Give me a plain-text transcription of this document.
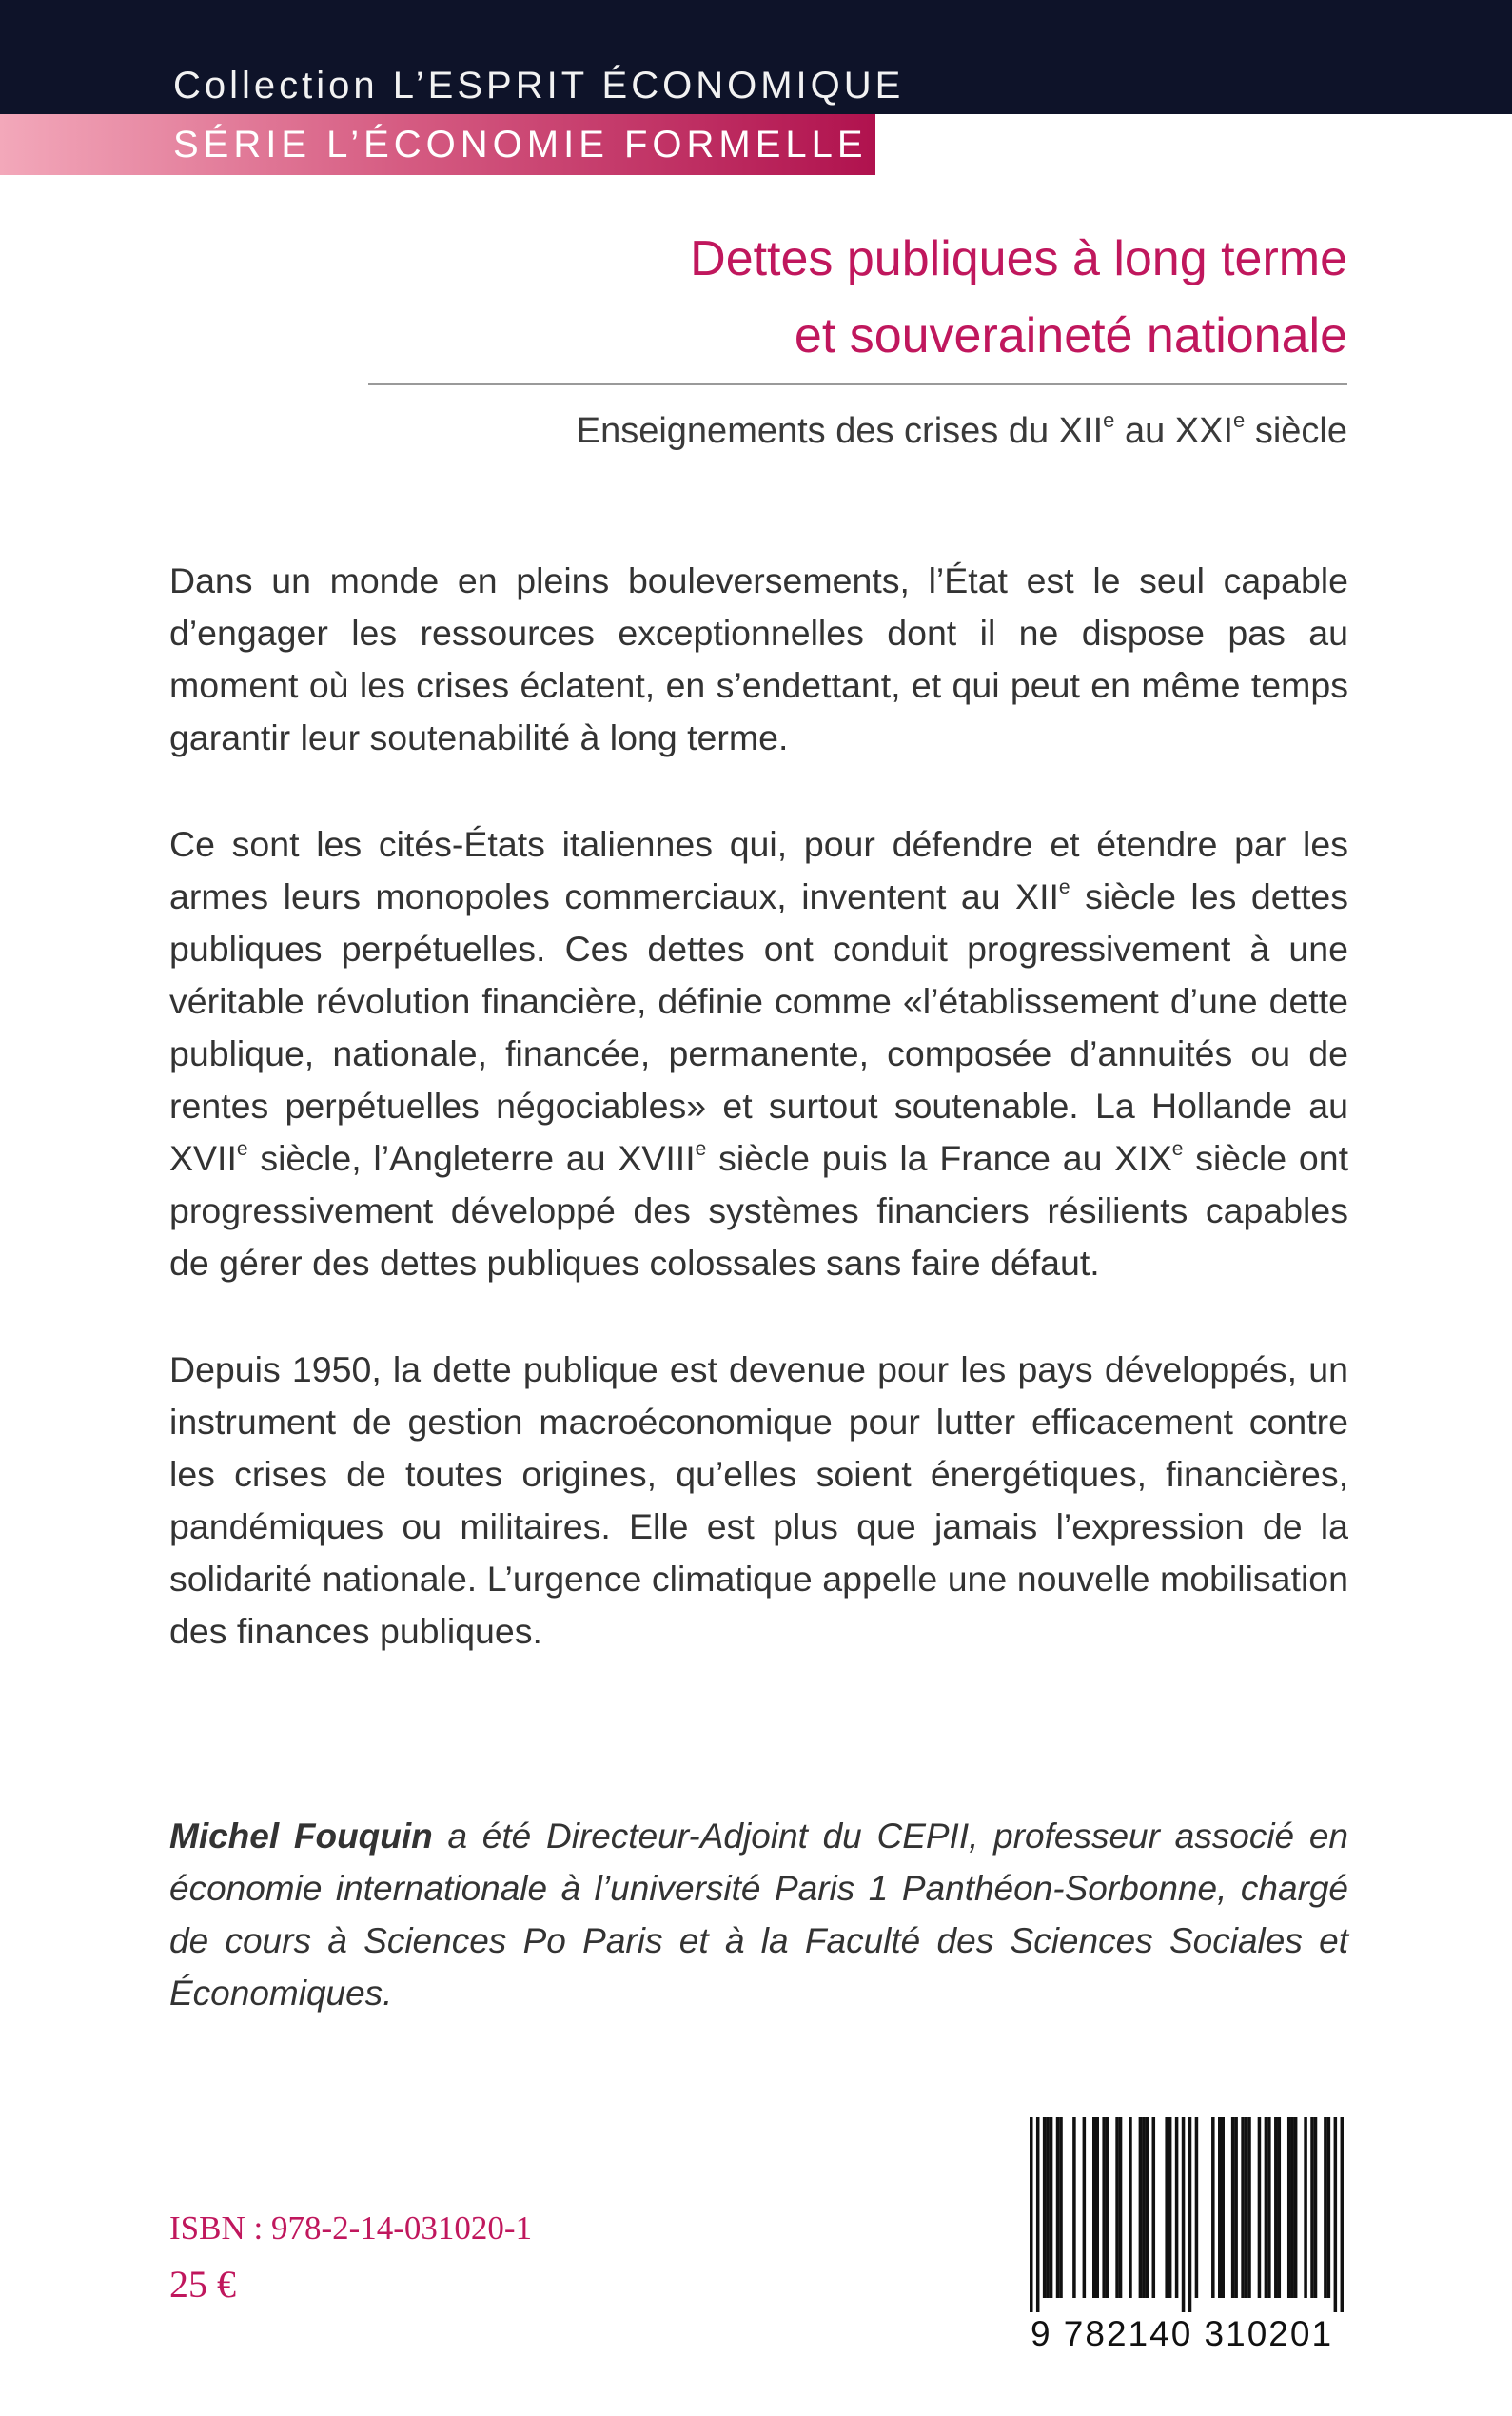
Collection L’ESPRIT ÉCONOMIQUE
SÉRIE L’ÉCONOMIE FORMELLE
Dettes publiques à long terme
et souveraineté nationale
Enseignements des crises du XIIe au XXIe siècle

Dans un monde en pleins bouleversements, l’État est le seul capable d’engager les ressources exceptionnelles dont il ne dispose pas au moment où les crises éclatent, en s’endettant, et qui peut en même temps garantir leur soutenabilité à long terme.

Ce sont les cités-États italiennes qui, pour défendre et étendre par les armes leurs monopoles commerciaux, inventent au XIIe siècle les dettes publiques perpétuelles. Ces dettes ont conduit progressivement à une véritable révolution financière, définie comme «l’établissement d’une dette publique, nationale, financée, permanente, composée d’annuités ou de rentes perpétuelles négociables» et surtout soutenable. La Hollande au XVIIe siècle, l’Angleterre au XVIIIe siècle puis la France au XIXe siècle ont progressivement développé des systèmes financiers résilients capables de gérer des dettes publiques colossales sans faire défaut.

Depuis 1950, la dette publique est devenue pour les pays développés, un instrument de gestion macroéconomique pour lutter efficacement contre les crises de toutes origines, qu’elles soient énergétiques, financières, pandémiques ou militaires. Elle est plus que jamais l’expression de la solidarité nationale. L’urgence climatique appelle une nouvelle mobilisation des finances publiques.

Michel Fouquin a été Directeur-Adjoint du CEPII, professeur associé en économie internationale à l’université Paris 1 Panthéon-Sorbonne, chargé de cours à Sciences Po Paris et à la Faculté des Sciences Sociales et Économiques.
ISBN : 978-2-14-031020-1
25 €
9 782140 310201
